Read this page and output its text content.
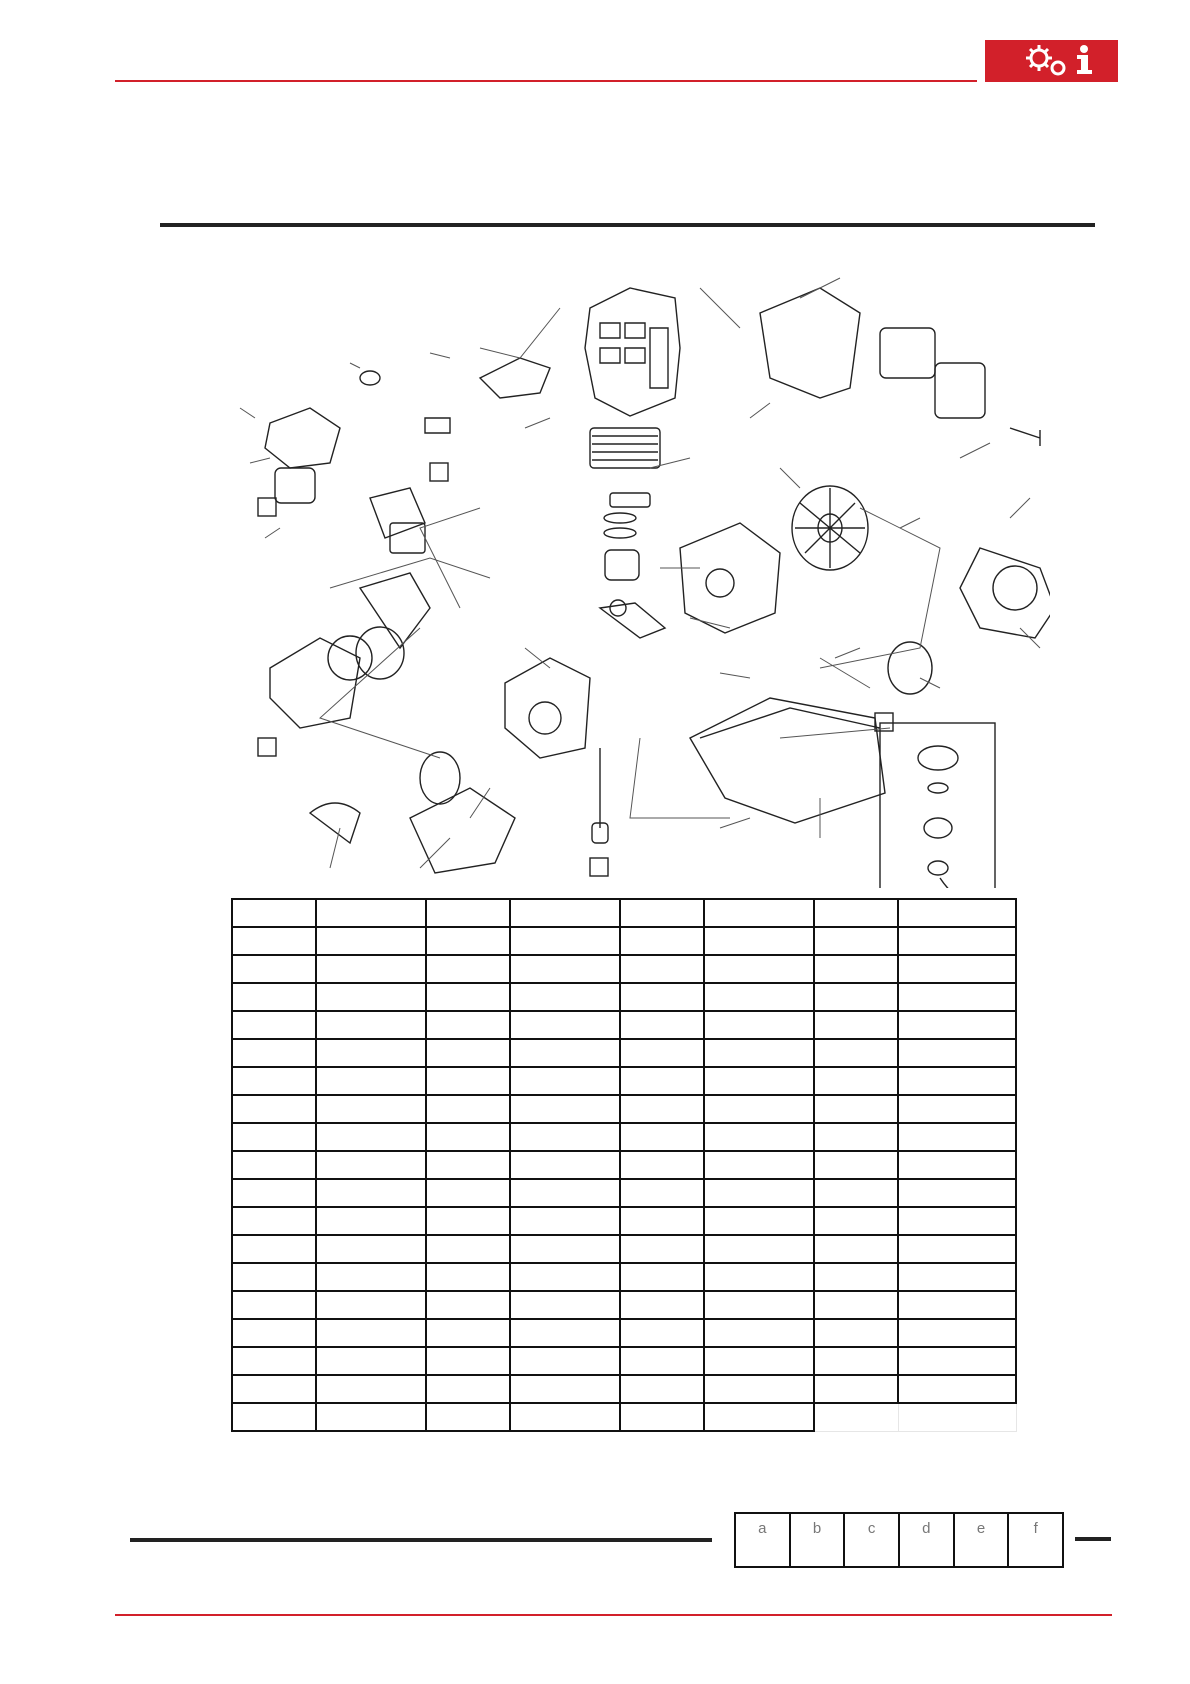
a	b	c	d	e	f
